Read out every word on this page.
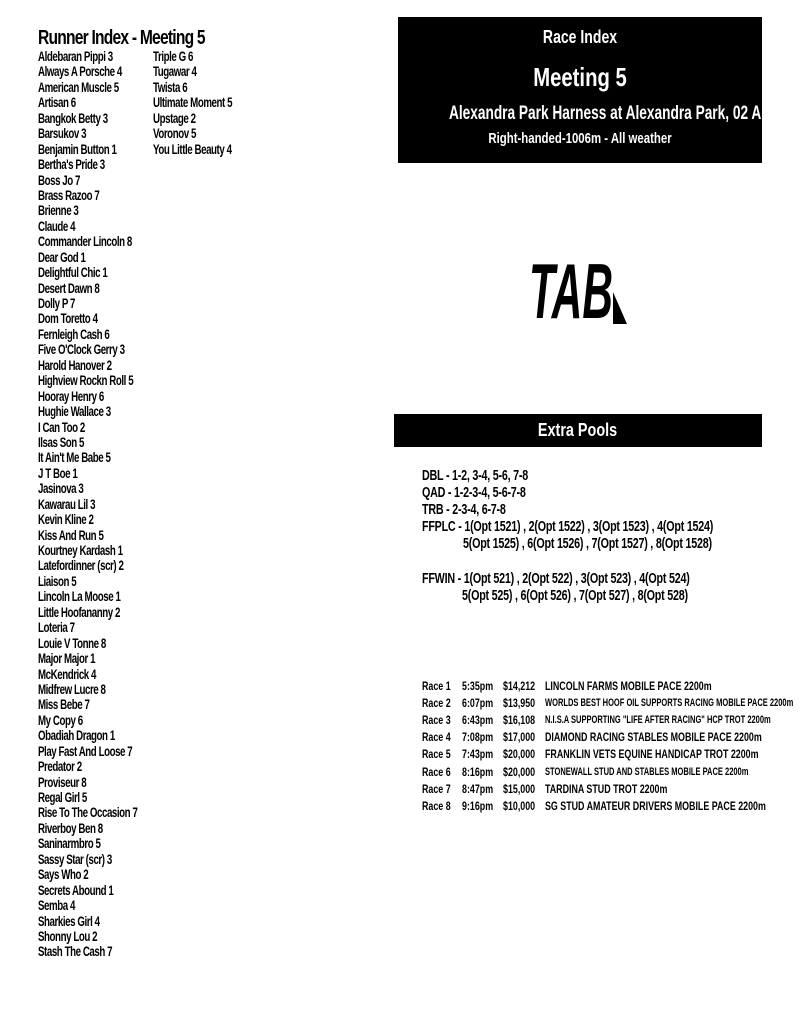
Runner Index - Meeting 5
Aldebaran Pippi 3
Always A Porsche 4
American Muscle 5
Artisan 6
Bangkok Betty 3
Barsukov 3
Benjamin Button 1
Bertha's Pride 3
Boss Jo 7
Brass Razoo 7
Brienne 3
Claude 4
Commander Lincoln 8
Dear God 1
Delightful Chic 1
Desert Dawn 8
Dolly P 7
Dom Toretto 4
Fernleigh Cash 6
Five O'Clock Gerry 3
Harold Hanover 2
Highview Rockn Roll 5
Hooray Henry 6
Hughie Wallace 3
I Can Too 2
Ilsas Son 5
It Ain't Me Babe 5
J T Boe 1
Jasinova 3
Kawarau Lil 3
Kevin Kline 2
Kiss And Run 5
Kourtney Kardash 1
Latefordinner (scr) 2
Liaison 5
Lincoln La Moose 1
Little Hoofananny 2
Loteria 7
Louie V Tonne 8
Major Major 1
McKendrick 4
Midfrew Lucre 8
Miss Bebe 7
My Copy 6
Obadiah Dragon 1
Play Fast And Loose 7
Predator 2
Proviseur 8
Regal Girl 5
Rise To The Occasion 7
Riverboy Ben 8
Saninarmbro 5
Sassy Star (scr) 3
Says Who 2
Secrets Abound 1
Semba 4
Sharkies Girl 4
Shonny Lou 2
Stash The Cash 7
Triple G 6
Tugawar 4
Twista 6
Ultimate Moment 5
Upstage 2
Voronov 5
You Little Beauty 4
Race Index
Meeting 5
Alexandra Park Harness at Alexandra Park, 02 Aug 2024
Right-handed-1006m - All weather
TAB
Extra Pools
DBL - 1-2, 3-4, 5-6, 7-8
QAD - 1-2-3-4, 5-6-7-8
TRB - 2-3-4, 6-7-8
FFPLC - 1(Opt 1521) , 2(Opt 1522) , 3(Opt 1523) , 4(Opt 1524)
5(Opt 1525) , 6(Opt 1526) , 7(Opt 1527) , 8(Opt 1528)
FFWIN - 1(Opt 521) , 2(Opt 522) , 3(Opt 523) , 4(Opt 524)
5(Opt 525) , 6(Opt 526) , 7(Opt 527) , 8(Opt 528)
Race 1 5:35pm $14,212 LINCOLN FARMS MOBILE PACE 2200m
Race 2 6:07pm $13,950 WORLDS BEST HOOF OIL SUPPORTS RACING MOBILE PACE 2200m
Race 3 6:43pm $16,108 N.I.S.A SUPPORTING "LIFE AFTER RACING" HCP TROT 2200m
Race 4 7:08pm $17,000 DIAMOND RACING STABLES MOBILE PACE 2200m
Race 5 7:43pm $20,000 FRANKLIN VETS EQUINE HANDICAP TROT 2200m
Race 6 8:16pm $20,000 STONEWALL STUD AND STABLES MOBILE PACE 2200m
Race 7 8:47pm $15,000 TARDINA STUD TROT 2200m
Race 8 9:16pm $10,000 SG STUD AMATEUR DRIVERS MOBILE PACE 2200m
